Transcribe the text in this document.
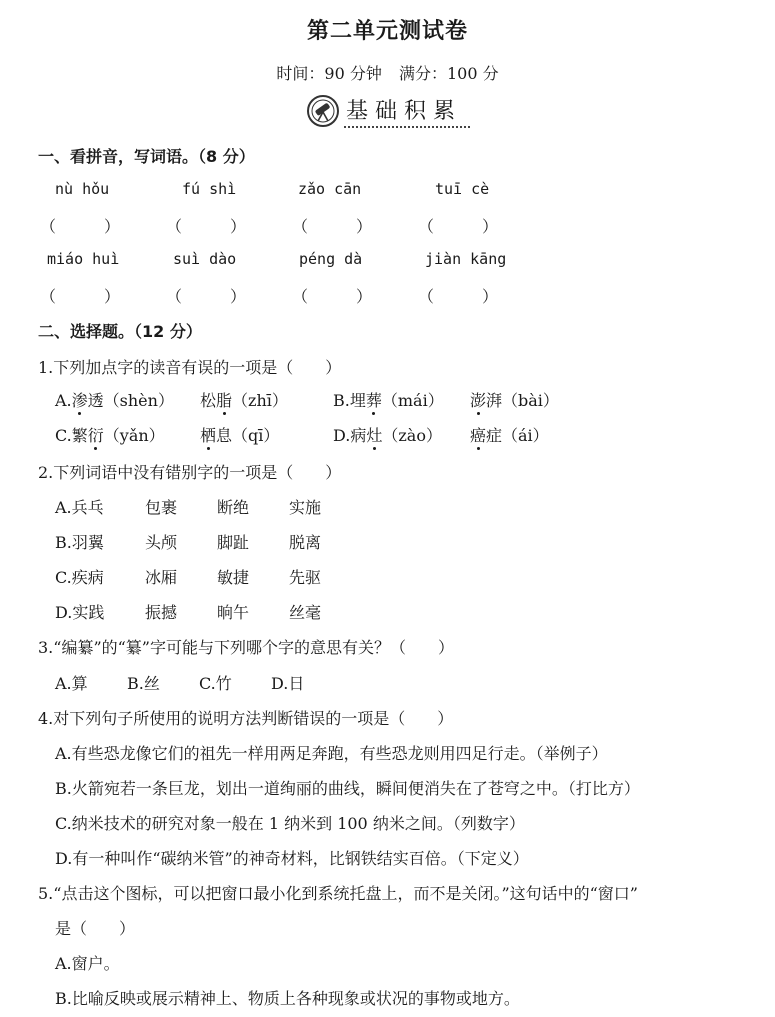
第二单元测试卷
时间：90 分钟 满分：100 分
基础积累
一、看拼音，写词语。（8 分）
nù hǒu	fú shì	zǎo cān	tuī cè
（　　　）	（　　　）	（　　　）	（　　　）
miáo huì	suì dào	péng dà	jiàn kāng
（　　　）	（　　　）	（　　　）	（　　　）
二、选择题。（12 分）
1.下列加点字的读音有误的一项是（　　）
A.渗透（shèn） 松脂（zhī）	B.埋葬（mái） 澎湃（bài）
C.繁衍（yǎn） 栖息（qī）	D.病灶（zào） 癌症（ái）
2.下列词语中没有错别字的一项是（　　）
A.兵乓	包裹 断绝 实施
B.羽翼	头颅 脚趾 脱离
C.疾病	冰厢 敏捷 先驱
D.实践	振撼 晌午 丝毫
3.“编纂”的“纂”字可能与下列哪个字的意思有关？（　　）
A.算 B.丝 C.竹 D.日
4.对下列句子所使用的说明方法判断错误的一项是（　　）
A.有些恐龙像它们的祖先一样用两足奔跑，有些恐龙则用四足行走。（举例子）
B.火箭宛若一条巨龙，划出一道绚丽的曲线，瞬间便消失在了苍穹之中。（打比方）
C.纳米技术的研究对象一般在 1 纳米到 100 纳米之间。（列数字）
D.有一种叫作“碳纳米管”的神奇材料，比钢铁结实百倍。（下定义）
5.“点击这个图标，可以把窗口最小化到系统托盘上，而不是关闭。”这句话中的“窗口”
是（　　）
A.窗户。
B.比喻反映或展示精神上、物质上各种现象或状况的事物或地方。
